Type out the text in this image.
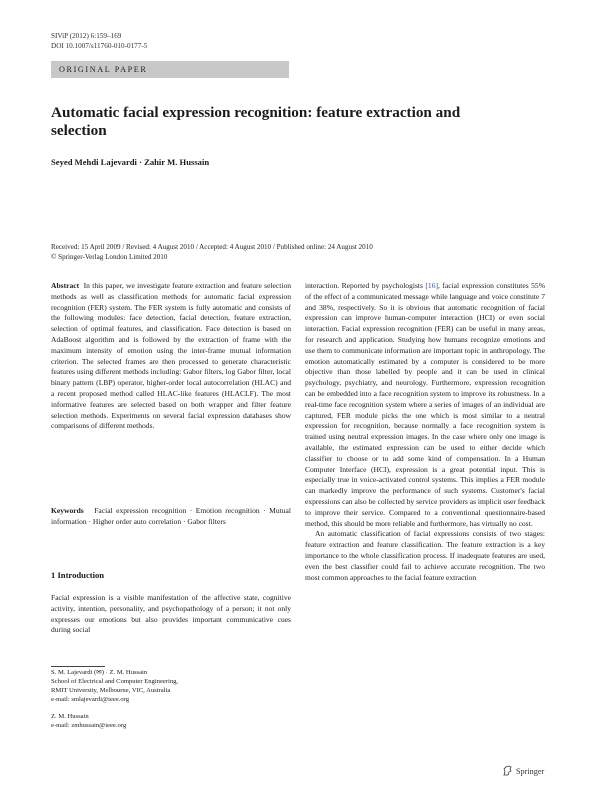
SIViP (2012) 6:159–169
DOI 10.1007/s11760-010-0177-5
ORIGINAL PAPER
Automatic facial expression recognition: feature extraction and selection
Seyed Mehdi Lajevardi · Zahir M. Hussain
Received: 15 April 2009 / Revised: 4 August 2010 / Accepted: 4 August 2010 / Published online: 24 August 2010
© Springer-Verlag London Limited 2010

Abstract In this paper, we investigate feature extraction and feature selection methods as well as classification methods for automatic facial expression recognition (FER) system. The FER system is fully automatic and consists of the following modules: face detection, facial detection, feature extraction, selection of optimal features, and classification. Face detection is based on AdaBoost algorithm and is followed by the extraction of frame with the maximum intensity of emotion using the inter-frame mutual information criterion. The selected frames are then processed to generate characteristic features using different methods including: Gabor filters, log Gabor filter, local binary pattern (LBP) operator, higher-order local autocorrelation (HLAC) and a recent proposed method called HLAC-like features (HLACLF). The most informative features are selected based on both wrapper and filter feature selection methods. Experiments on several facial expression databases show comparisons of different methods.

Keywords Facial expression recognition · Emotion recognition · Mutual information · Higher order auto correlation · Gabor filters

1 Introduction

Facial expression is a visible manifestation of the affective state, cognitive activity, intention, personality, and psychopathology of a person; it not only expresses our emotions but also provides important communicative cues during social

S. M. Lajevardi (✉) · Z. M. Hussain
School of Electrical and Computer Engineering,
RMIT University, Melbourne, VIC, Australia
e-mail: smlajevardi@ieee.org
Z. M. Hussain
e-mail: zmhussain@ieee.org

interaction. Reported by psychologists [16], facial expression constitutes 55% of the effect of a communicated message while language and voice constitute 7 and 38%, respectively. So it is obvious that automatic recognition of facial expression can improve human-computer interaction (HCI) or even social interaction. Facial expression recognition (FER) can be useful in many areas, for research and application. Studying how humans recognize emotions and use them to communicate information are important topic in anthropology. The emotion automatically estimated by a computer is considered to be more objective than those labelled by people and it can be used in clinical psychology, psychiatry, and neurology. Furthermore, expression recognition can be embedded into a face recognition system to improve its robustness. In a real-time face recognition system where a series of images of an individual are captured, FER module picks the one which is most similar to a neutral expression for recognition, because normally a face recognition system is trained using neutral expression images. In the case where only one image is available, the estimated expression can be used to either decide which classifier to choose or to add some kind of compensation. In a Human Computer Interface (HCI), expression is a great potential input. This is especially true in voice-activated control systems. This implies a FER module can markedly improve the performance of such systems. Customer's facial expressions can also be collected by service providers as implicit user feedback to improve their service. Compared to a conventional questionnaire-based method, this should be more reliable and furthermore, has virtually no cost.

An automatic classification of facial expressions consists of two stages: feature extraction and feature classification. The feature extraction is a key importance to the whole classification process. If inadequate features are used, even the best classifier could fail to achieve accurate recognition. The two most common approaches to the facial feature extraction

Springer
